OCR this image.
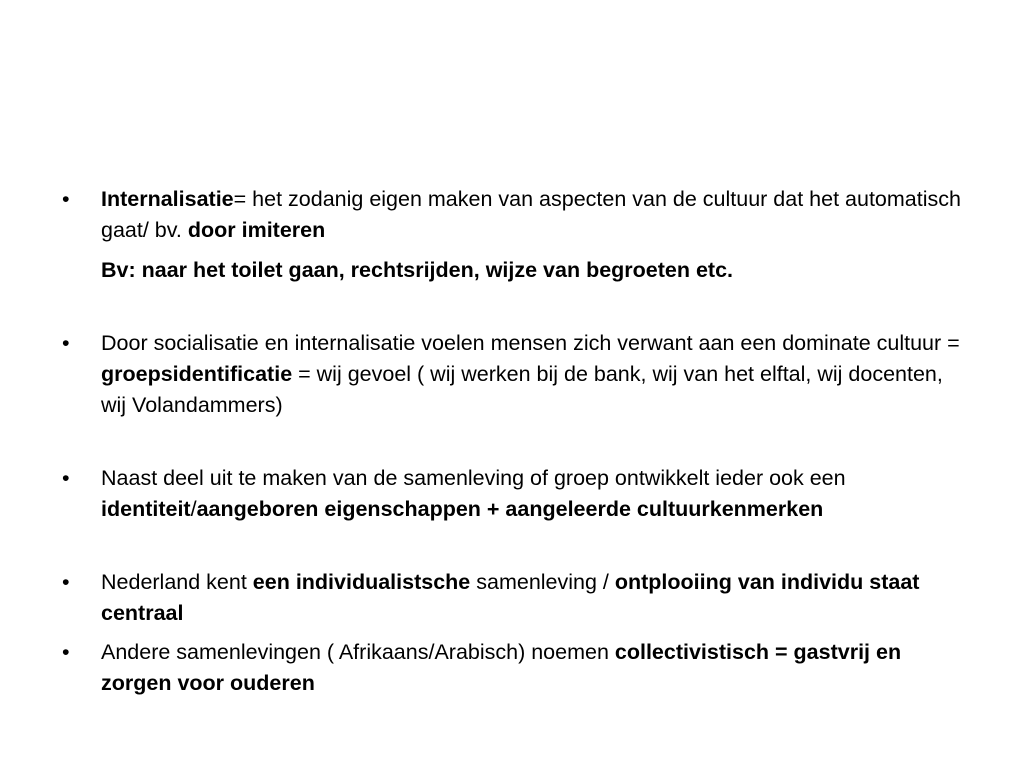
•	Internalisatie= het zodanig eigen maken van aspecten van de cultuur dat het automatisch gaat/ bv. door imiteren
Bv: naar het toilet gaan, rechtsrijden, wijze van begroeten etc.
•	Door socialisatie en internalisatie voelen mensen zich verwant aan een dominate cultuur = groepsidentificatie = wij gevoel ( wij werken bij de bank, wij van het elftal, wij docenten, wij Volandammers)
•	Naast deel uit te maken van de samenleving of groep ontwikkelt ieder ook een identiteit/aangeboren eigenschappen + aangeleerde cultuurkenmerken
•	Nederland kent een individualistsche samenleving / ontplooiing van individu staat centraal
•	Andere samenlevingen ( Afrikaans/Arabisch) noemen collectivistisch = gastvrij en zorgen voor ouderen
